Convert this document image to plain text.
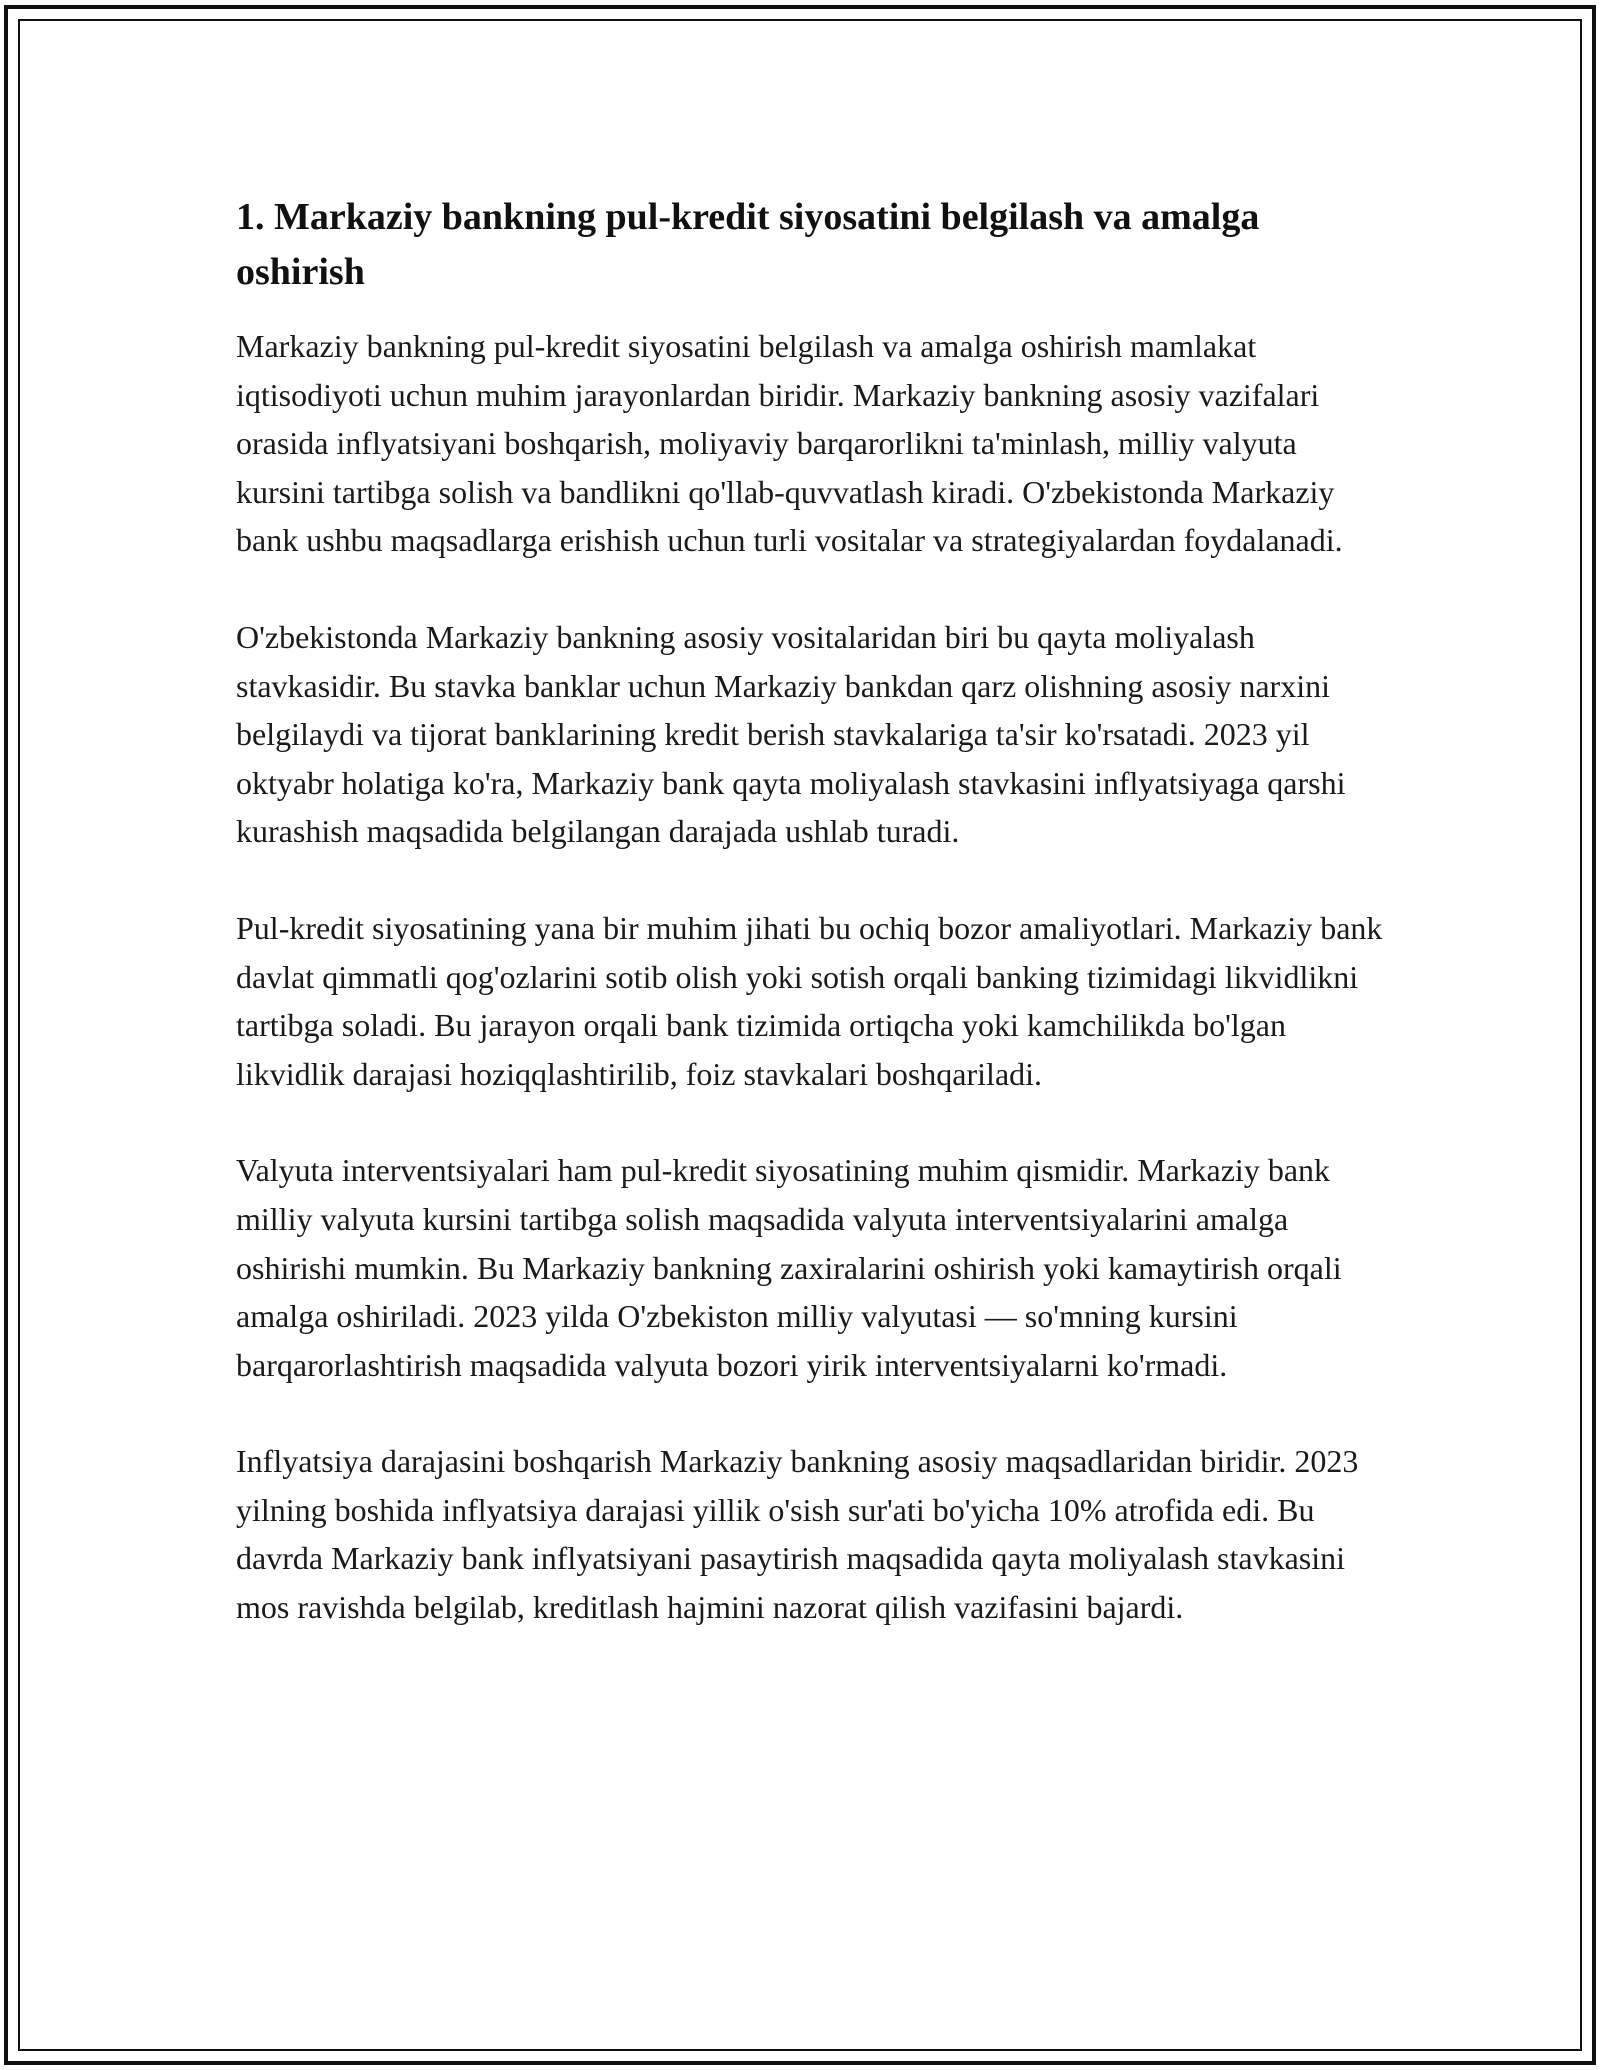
1. Markaziy bankning pul-kredit siyosatini belgilash va amalga oshirish

Markaziy bankning pul-kredit siyosatini belgilash va amalga oshirish mamlakat iqtisodiyoti uchun muhim jarayonlardan biridir. Markaziy bankning asosiy vazifalari orasida inflyatsiyani boshqarish, moliyaviy barqarorlikni ta'minlash, milliy valyuta kursini tartibga solish va bandlikni qo'llab-quvvatlash kiradi. O'zbekistonda Markaziy bank ushbu maqsadlarga erishish uchun turli vositalar va strategiyalardan foydalanadi.

O'zbekistonda Markaziy bankning asosiy vositalaridan biri bu qayta moliyalash stavkasidir. Bu stavka banklar uchun Markaziy bankdan qarz olishning asosiy narxini belgilaydi va tijorat banklarining kredit berish stavkalariga ta'sir ko'rsatadi. 2023 yil oktyabr holatiga ko'ra, Markaziy bank qayta moliyalash stavkasini inflyatsiyaga qarshi kurashish maqsadida belgilangan darajada ushlab turadi.

Pul-kredit siyosatining yana bir muhim jihati bu ochiq bozor amaliyotlari. Markaziy bank davlat qimmatli qog'ozlarini sotib olish yoki sotish orqali banking tizimidagi likvidlikni tartibga soladi. Bu jarayon orqali bank tizimida ortiqcha yoki kamchilikda bo'lgan likvidlik darajasi hoziqqlashtirilib, foiz stavkalari boshqariladi.

Valyuta interventsiyalari ham pul-kredit siyosatining muhim qismidir. Markaziy bank milliy valyuta kursini tartibga solish maqsadida valyuta interventsiyalarini amalga oshirishi mumkin. Bu Markaziy bankning zaxiralarini oshirish yoki kamaytirish orqali amalga oshiriladi. 2023 yilda O'zbekiston milliy valyutasi — so'mning kursini barqarorlashtirish maqsadida valyuta bozori yirik interventsiyalarni ko'rmadi.

Inflyatsiya darajasini boshqarish Markaziy bankning asosiy maqsadlaridan biridir. 2023 yilning boshida inflyatsiya darajasi yillik o'sish sur'ati bo'yicha 10% atrofida edi. Bu davrda Markaziy bank inflyatsiyani pasaytirish maqsadida qayta moliyalash stavkasini mos ravishda belgilab, kreditlash hajmini nazorat qilish vazifasini bajardi.
